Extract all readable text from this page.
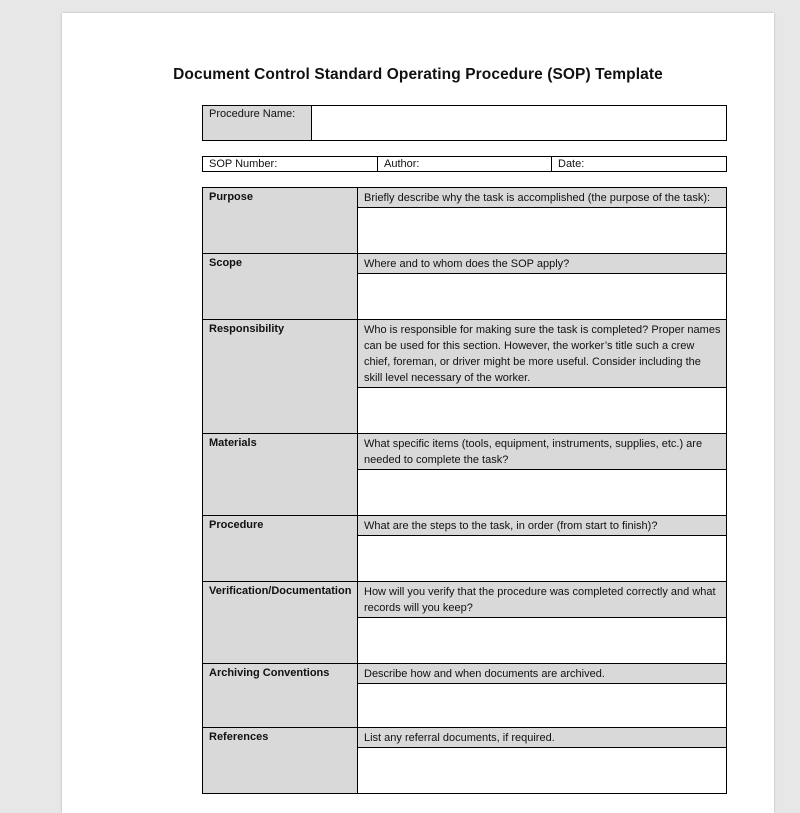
Document Control Standard Operating Procedure (SOP) Template
Procedure Name:	
SOP Number:	Author:	Date:
Purpose	Briefly describe why the task is accomplished (the purpose of the task):

Scope	Where and to whom does the SOP apply?

Responsibility	Who is responsible for making sure the task is completed? Proper names can be used for this section. However, the worker’s title such a crew chief, foreman, or driver might be more useful. Consider including the skill level necessary of the worker.

Materials	What specific items (tools, equipment, instruments, supplies, etc.) are needed to complete the task?

Procedure	What are the steps to the task, in order (from start to finish)?

Verification/Documentation	How will you verify that the procedure was completed correctly and what records will you keep?

Archiving Conventions	Describe how and when documents are archived.

References	List any referral documents, if required.
